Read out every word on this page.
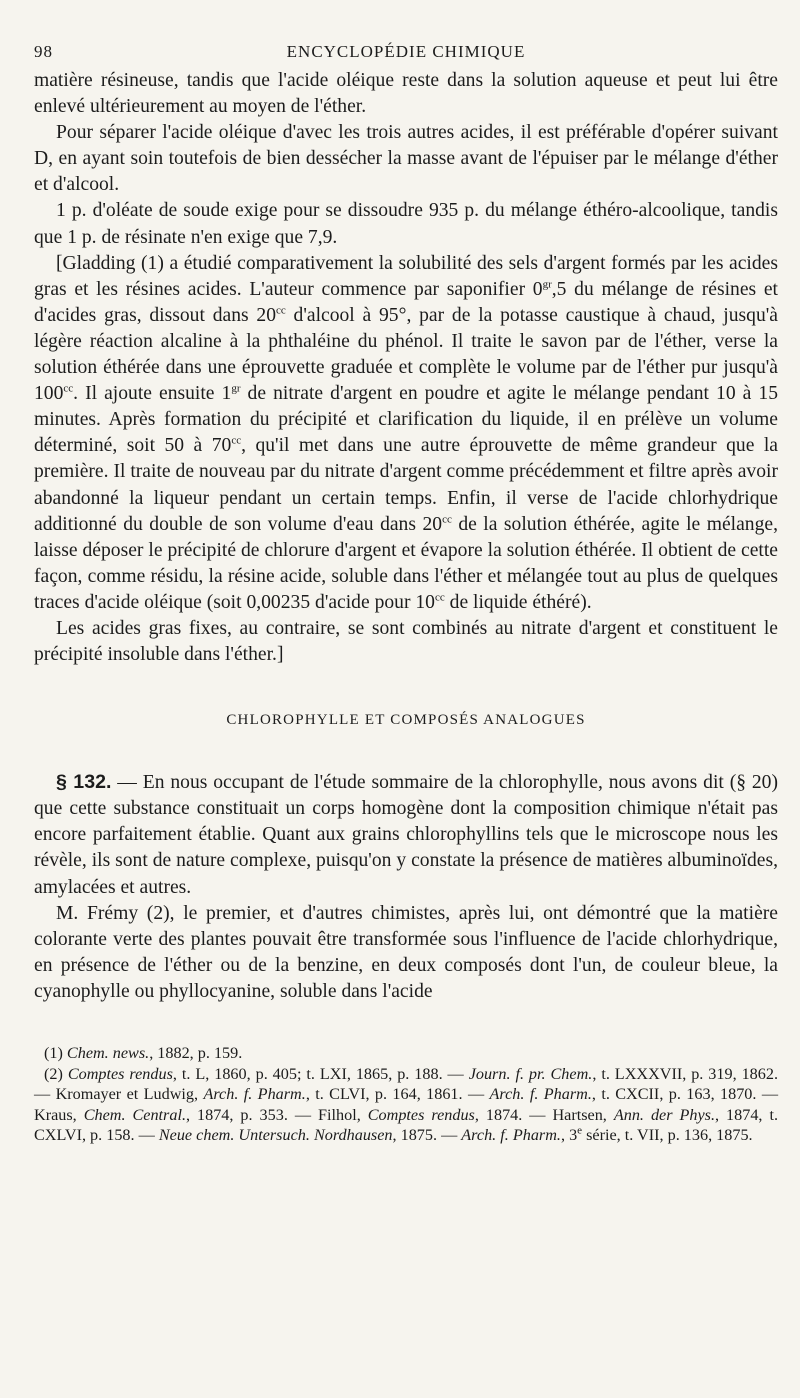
98	ENCYCLOPÉDIE CHIMIQUE

matière résineuse, tandis que l'acide oléique reste dans la solution aqueuse et peut lui être enlevé ultérieurement au moyen de l'éther.

Pour séparer l'acide oléique d'avec les trois autres acides, il est préférable d'opérer suivant D, en ayant soin toutefois de bien dessécher la masse avant de l'épuiser par le mélange d'éther et d'alcool.

1 p. d'oléate de soude exige pour se dissoudre 935 p. du mélange éthéro-alcoolique, tandis que 1 p. de résinate n'en exige que 7,9.

[Gladding (1) a étudié comparativement la solubilité des sels d'argent formés par les acides gras et les résines acides. L'auteur commence par saponifier $0^{gr},5$ du mélange de résines et d'acides gras, dissout dans $20^{cc}$ d'alcool à 95°, par de la potasse caustique à chaud, jusqu'à légère réaction alcaline à la phthaléine du phénol. Il traite le savon par de l'éther, verse la solution éthérée dans une éprouvette graduée et complète le volume par de l'éther pur jusqu'à $100^{cc}$. Il ajoute ensuite $1^{gr}$ de nitrate d'argent en poudre et agite le mélange pendant 10 à 15 minutes. Après formation du précipité et clarification du liquide, il en prélève un volume déterminé, soit 50 à $70^{cc}$, qu'il met dans une autre éprouvette de même grandeur que la première. Il traite de nouveau par du nitrate d'argent comme précédemment et filtre après avoir abandonné la liqueur pendant un certain temps. Enfin, il verse de l'acide chlorhydrique additionné du double de son volume d'eau dans $20^{cc}$ de la solution éthérée, agite le mélange, laisse déposer le précipité de chlorure d'argent et évapore la solution éthérée. Il obtient de cette façon, comme résidu, la résine acide, soluble dans l'éther et mélangée tout au plus de quelques traces d'acide oléique (soit 0,00235 d'acide pour $10^{cc}$ de liquide éthéré).

Les acides gras fixes, au contraire, se sont combinés au nitrate d'argent et constituent le précipité insoluble dans l'éther.]

CHLOROPHYLLE ET COMPOSÉS ANALOGUES

§ 132. — En nous occupant de l'étude sommaire de la chlorophylle, nous avons dit (§ 20) que cette substance constituait un corps homogène dont la composition chimique n'était pas encore parfaitement établie. Quant aux grains chlorophyllins tels que le microscope nous les révèle, ils sont de nature complexe, puisqu'on y constate la présence de matières albuminoïdes, amylacées et autres.

M. Frémy (2), le premier, et d'autres chimistes, après lui, ont démontré que la matière colorante verte des plantes pouvait être transformée sous l'influence de l'acide chlorhydrique, en présence de l'éther ou de la benzine, en deux composés dont l'un, de couleur bleue, la cyanophylle ou phyllocyanine, soluble dans l'acide

(1) Chem. news., 1882, p. 159.

(2) Comptes rendus, t. L, 1860, p. 405; t. LXI, 1865, p. 188. — Journ. f. pr. Chem., t. LXXXVII, p. 319, 1862. — Kromayer et Ludwig, Arch. f. Pharm., t. CLVI, p. 164, 1861. — Arch. f. Pharm., t. CXCII, p. 163, 1870. — Kraus, Chem. Central., 1874, p. 353. — Filhol, Comptes rendus, 1874. — Hartsen, Ann. der Phys., 1874, t. CXLVI, p. 158. — Neue chem. Untersuch. Nordhausen, 1875. — Arch. f. Pharm., 3e série, t. VII, p. 136, 1875.
